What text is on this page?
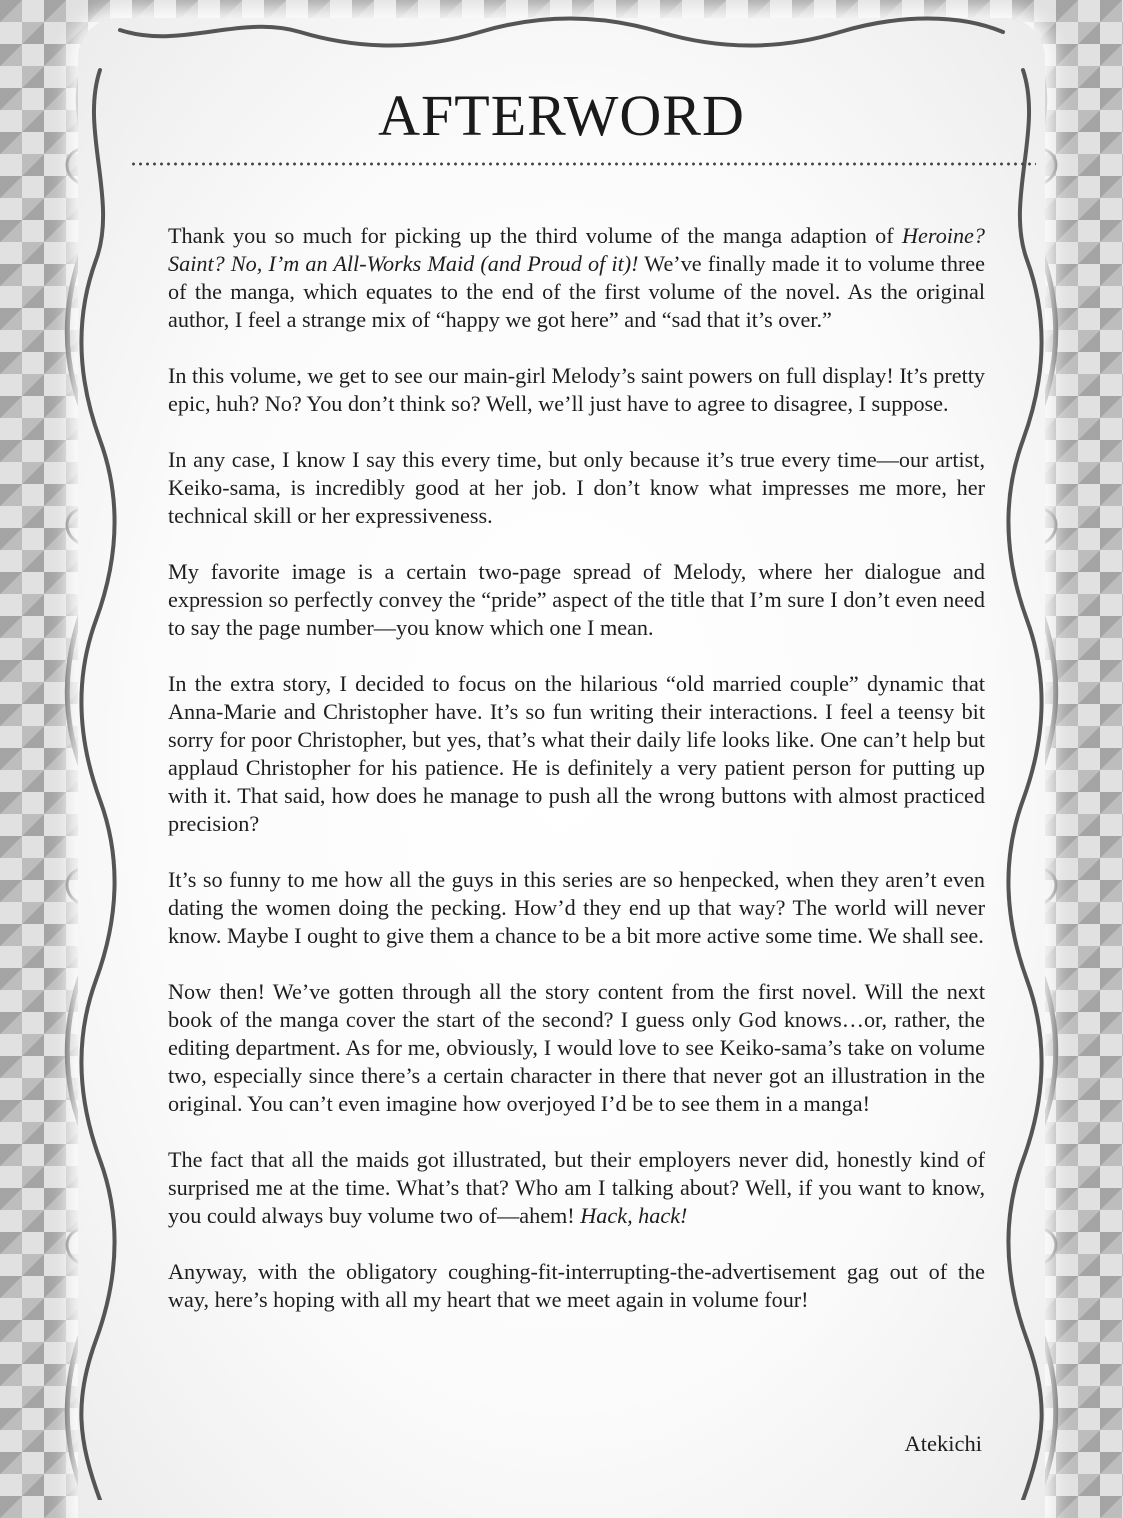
AFTERWORD

Thank you so much for picking up the third volume of the manga adaption of Heroine? Saint? No, I’m an All-Works Maid (and Proud of it)! We’ve finally made it to volume three of the manga, which equates to the end of the first volume of the novel. As the original author, I feel a strange mix of “happy we got here” and “sad that it’s over.”

In this volume, we get to see our main-girl Melody’s saint powers on full display! It’s pretty epic, huh? No? You don’t think so? Well, we’ll just have to agree to disagree, I suppose.

In any case, I know I say this every time, but only because it’s true every time—our artist, Keiko-sama, is incredibly good at her job. I don’t know what impresses me more, her technical skill or her expressiveness.

My favorite image is a certain two-page spread of Melody, where her dialogue and expression so perfectly convey the “pride” aspect of the title that I’m sure I don’t even need to say the page number—you know which one I mean.

In the extra story, I decided to focus on the hilarious “old married couple” dynamic that Anna-Marie and Christopher have. It’s so fun writing their interactions. I feel a teensy bit sorry for poor Christopher, but yes, that’s what their daily life looks like. One can’t help but applaud Christopher for his patience. He is definitely a very patient person for putting up with it. That said, how does he manage to push all the wrong buttons with almost practiced precision?

It’s so funny to me how all the guys in this series are so henpecked, when they aren’t even dating the women doing the pecking. How’d they end up that way? The world will never know. Maybe I ought to give them a chance to be a bit more active some time. We shall see.

Now then! We’ve gotten through all the story content from the first novel. Will the next book of the manga cover the start of the second? I guess only God knows…or, rather, the editing department. As for me, obviously, I would love to see Keiko-sama’s take on volume two, especially since there’s a certain character in there that never got an illustration in the original. You can’t even imagine how overjoyed I’d be to see them in a manga!

The fact that all the maids got illustrated, but their employers never did, honestly kind of surprised me at the time. What’s that? Who am I talking about? Well, if you want to know, you could always buy volume two of—ahem! Hack, hack!

Anyway, with the obligatory coughing-fit-interrupting-the-advertisement gag out of the way, here’s hoping with all my heart that we meet again in volume four!

Atekichi
